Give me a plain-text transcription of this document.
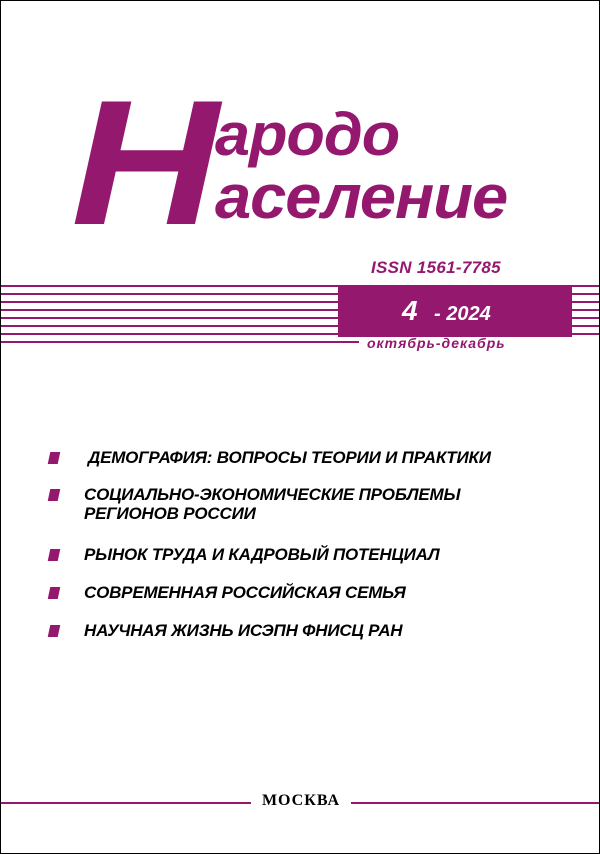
Н ародо
аселение
ISSN 1561-7785
4 - 2024
октябрь-декабрь
ДЕМОГРАФИЯ: ВОПРОСЫ ТЕОРИИ И ПРАКТИКИ
СОЦИАЛЬНО-ЭКОНОМИЧЕСКИЕ ПРОБЛЕМЫ
РЕГИОНОВ РОССИИ
РЫНОК ТРУДА И КАДРОВЫЙ ПОТЕНЦИАЛ
СОВРЕМЕННАЯ РОССИЙСКАЯ СЕМЬЯ
НАУЧНАЯ ЖИЗНЬ ИСЭПН ФНИСЦ РАН
МОСКВА
